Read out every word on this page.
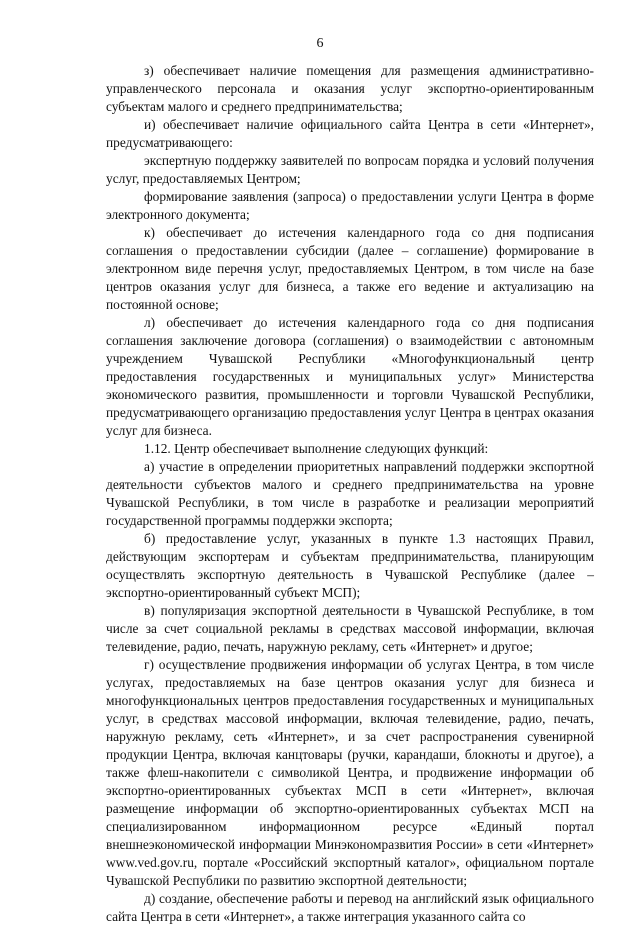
6

з) обеспечивает наличие помещения для размещения административно-управленческого персонала и оказания услуг экспортно-ориентированным субъектам малого и среднего предпринимательства;

и) обеспечивает наличие официального сайта Центра в сети «Интернет», предусматривающего:

экспертную поддержку заявителей по вопросам порядка и условий получения услуг, предоставляемых Центром;

формирование заявления (запроса) о предоставлении услуги Центра в форме электронного документа;

к) обеспечивает до истечения календарного года со дня подписания соглашения о предоставлении субсидии (далее – соглашение) формирование в электронном виде перечня услуг, предоставляемых Центром, в том числе на базе центров оказания услуг для бизнеса, а также его ведение и актуализацию на постоянной основе;

л) обеспечивает до истечения календарного года со дня подписания соглашения заключение договора (соглашения) о взаимодействии с автономным учреждением Чувашской Республики «Многофункциональный центр предоставления государственных и муниципальных услуг» Министерства экономического развития, промышленности и торговли Чувашской Республики, предусматривающего организацию предоставления услуг Центра в центрах оказания услуг для бизнеса.

1.12. Центр обеспечивает выполнение следующих функций:

а) участие в определении приоритетных направлений поддержки экспортной деятельности субъектов малого и среднего предпринимательства на уровне Чувашской Республики, в том числе в разработке и реализации мероприятий государственной программы поддержки экспорта;

б) предоставление услуг, указанных в пункте 1.3 настоящих Правил, действующим экспортерам и субъектам предпринимательства, планирующим осуществлять экспортную деятельность в Чувашской Республике (далее – экспортно-ориентированный субъект МСП);

в) популяризация экспортной деятельности в Чувашской Республике, в том числе за счет социальной рекламы в средствах массовой информации, включая телевидение, радио, печать, наружную рекламу, сеть «Интернет» и другое;

г) осуществление продвижения информации об услугах Центра, в том числе услугах, предоставляемых на базе центров оказания услуг для бизнеса и многофункциональных центров предоставления государственных и муниципальных услуг, в средствах массовой информации, включая телевидение, радио, печать, наружную рекламу, сеть «Интернет», и за счет распространения сувенирной продукции Центра, включая канцтовары (ручки, карандаши, блокноты и другое), а также флеш-накопители с символикой Центра, и продвижение информации об экспортно-ориентированных субъектах МСП в сети «Интернет», включая размещение информации об экспортно-ориентированных субъектах МСП на специализированном информационном ресурсе «Единый портал внешнеэкономической информации Минэкономразвития России» в сети «Интернет» www.ved.gov.ru, портале «Российский экспортный каталог», официальном портале Чувашской Республики по развитию экспортной деятельности;

д) создание, обеспечение работы и перевод на английский язык официального сайта Центра в сети «Интернет», а также интеграция указанного сайта со
